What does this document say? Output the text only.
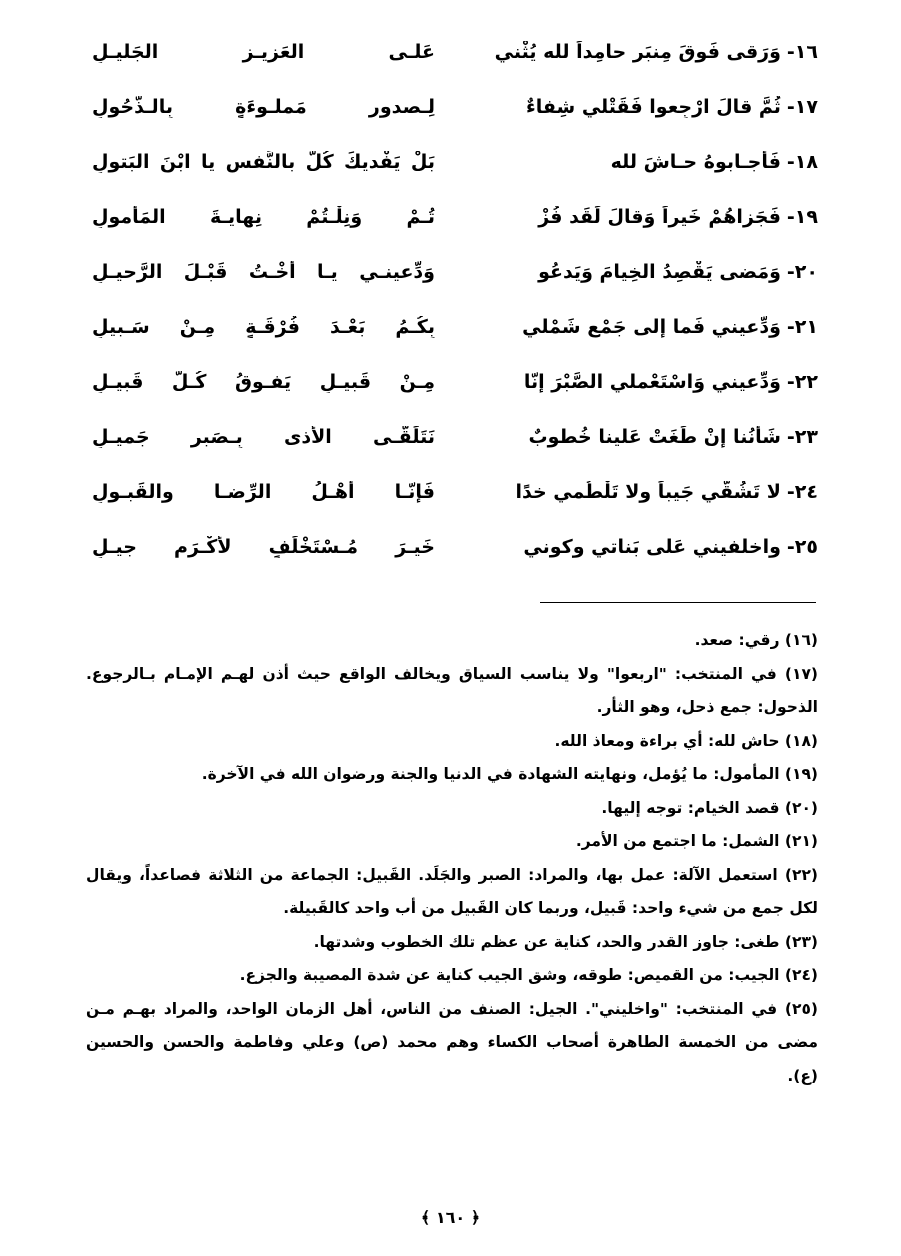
١٦-وَرَقى فَوقَ مِنبَرٍ حامِداً لله يُثْني
عَلـى العَزيـزِ الجَليـلِ
١٧-ثُمَّ قالَ ارْجِعوا فَقَتْلي شِفاءٌ
لِـصدورٍ مَملـوءَةٍ بِالـذُّحُولِ
١٨-فَأجـابوهُ حـاشَ لله
بَلْ يَفْديكَ كُلٌّ بالنَّفسِ يا ابْنَ البَتولِ
١٩-فَجَزاهُمْ خَيراً وَقالَ لَقَد فُزْ
تُـمْ وَنِلْـتُمْ نِهايـةَ المَأمولِ
٢٠-وَمَضى يَقْصِدُ الخِيامَ وَيَدعُو
وَدِّعينـي يـا أُخْـتُ قَبْـلَ الرَّحيـلِ
٢١-وَدِّعيني فَما إلى جَمْعِ شَمْلي
بِكُـمُ بَعْـدَ فُرْقَـةٍ مِـنْ سَـبيلِ
٢٢-وَدِّعيني وَاسْتَعْملي الصَّبْرَ إنّا
مِـنْ قَبيـلٍ يَفـوقُ كُـلَّ قَبيـلِ
٢٣-شَأنُنا إنْ طَغَتْ عَلينا خُطوبٌ
نَتَلَقّـى الأذى بِـصَبرٍ جَميـلِ
٢٤-لا تَشُقّي جَيباً ولا تَلْطُمي خدًا
فَإنّـا أَهْـلُ الرِّضـا والقَبـولِ
٢٥-واخلفيني عَلى بَناتي وكوني
خَيـرَ مُـسْتَخْلَفٍ لأكْـرَمِ جيـلِ
(١٦) رقي: صعد.
(١٧) في المنتخب: "اربعوا" ولا يناسب السياق ويخالف الواقع حيث أذن لهـم الإمـام بـالرجوع.
الذحول: جمع ذحل، وهو الثأر.
(١٨) حاش لله: أي براءة ومعاذ الله.
(١٩) المأمول: ما يُؤمل، ونهايته الشهادة في الدنيا والجنة ورضوان الله في الآخرة.
(٢٠) قصد الخيام: توجه إليها.
(٢١) الشمل: ما اجتمع من الأمر.
(٢٢) استعمل الآلة: عمل بها، والمراد: الصبر والجَلَد. القَبيل: الجماعة من الثلاثة فصاعداً، ويقال
لكل جمع من شيء واحد: قَبيل، وربما كان القَبيل من أب واحد كالقَبيلة.
(٢٣) طغى: جاوز القدر والحد، كناية عن عظم تلك الخطوب وشدتها.
(٢٤) الجيب: من القميص: طوقه، وشق الجيب كناية عن شدة المصيبة والجزع.
(٢٥) في المنتخب: "واخليني". الجيل: الصنف من الناس، أهل الزمان الواحد، والمراد بهـم مـن
مضى من الخمسة الطاهرة أصحاب الكساء وهم محمد (ص) وعلي وفاطمة والحسن والحسين
(ع).
﴿ ١٦٠ ﴾
